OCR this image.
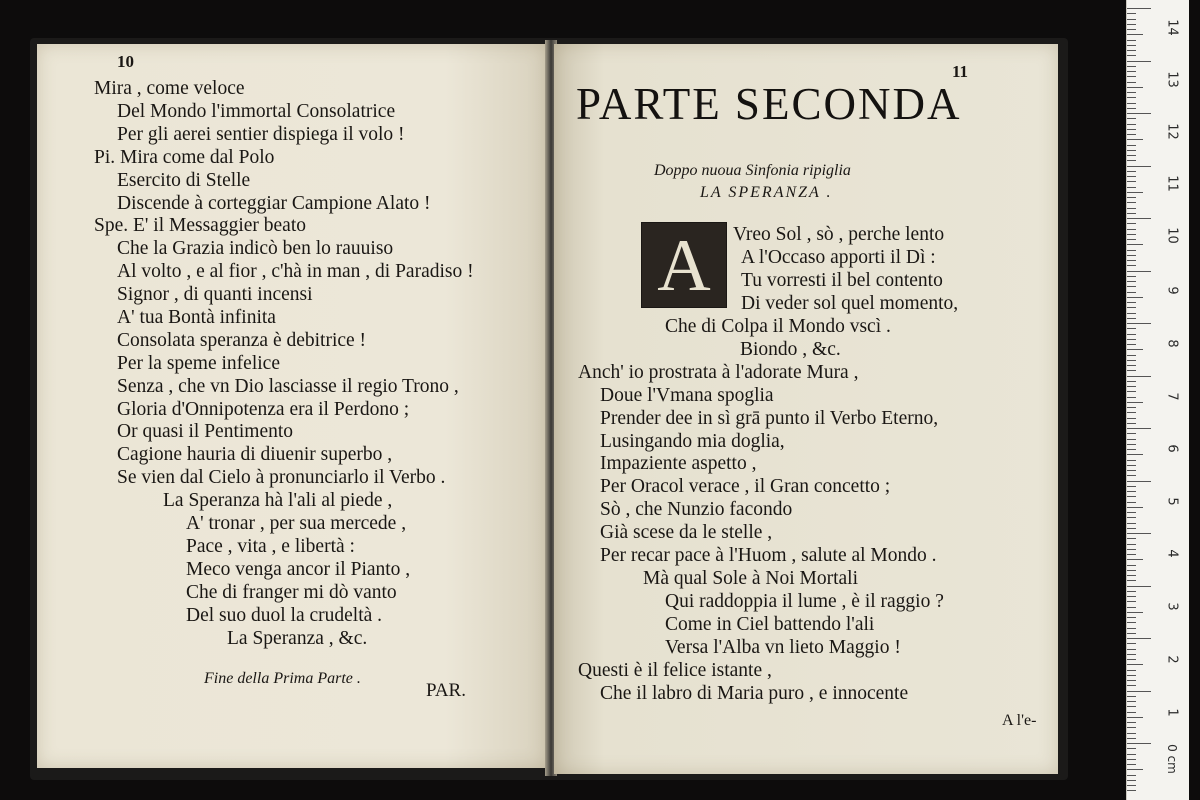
10
Mira , come veloce
Del Mondo l'immortal Consolatrice
Per gli aerei sentier dispiega il volo !
Pi. Mira come dal Polo
Esercito di Stelle
Discende à corteggiar Campione Alato !
Spe. E' il Messaggier beato
Che la Grazia indicò ben lo rauuiso
Al volto , e al fior , c'hà in man , di Paradiso !
Signor , di quanti incensi
A' tua Bontà infinita
Consolata speranza è debitrice !
Per la speme infelice
Senza , che vn Dio lasciasse il regio Trono ,
Gloria d'Onnipotenza era il Perdono ;
Or quasi il Pentimento
Cagione hauria di diuenir superbo ,
Se vien dal Cielo à pronunciarlo il Verbo .
La Speranza hà l'ali al piede ,
A' tronar , per sua mercede ,
Pace , vita , e libertà :
Meco venga ancor il Pianto ,
Che di franger mi dò vanto
Del suo duol la crudeltà .
La Speranza , &c.
Fine della Prima Parte .
PAR.
11
PARTE SECONDA
Doppo nuoua Sinfonia ripiglia
LA SPERANZA .
A	Vreo Sol , sò , perche lento
A l'Occaso apporti il Dì :
Tu vorresti il bel contento
Di veder sol quel momento,
Che di Colpa il Mondo vscì .
Biondo , &c.
Anch' io prostrata à l'adorate Mura ,
Doue l'Vmana spoglia
Prender dee in sì grā punto il Verbo Eterno,
Lusingando mia doglia,
Impaziente aspetto ,
Per Oracol verace , il Gran concetto ;
Sò , che Nunzio facondo
Già scese da le stelle ,
Per recar pace à l'Huom , salute al Mondo .
Mà qual Sole à Noi Mortali
Qui raddoppia il lume , è il raggio ?
Come in Ciel battendo l'ali
Versa l'Alba vn lieto Maggio !
Questi è il felice istante ,
Che il labro di Maria puro , e innocente
A l'e-
14
13
12
11
10
9
8
7
6
5
4
3
2
1
0 cm
